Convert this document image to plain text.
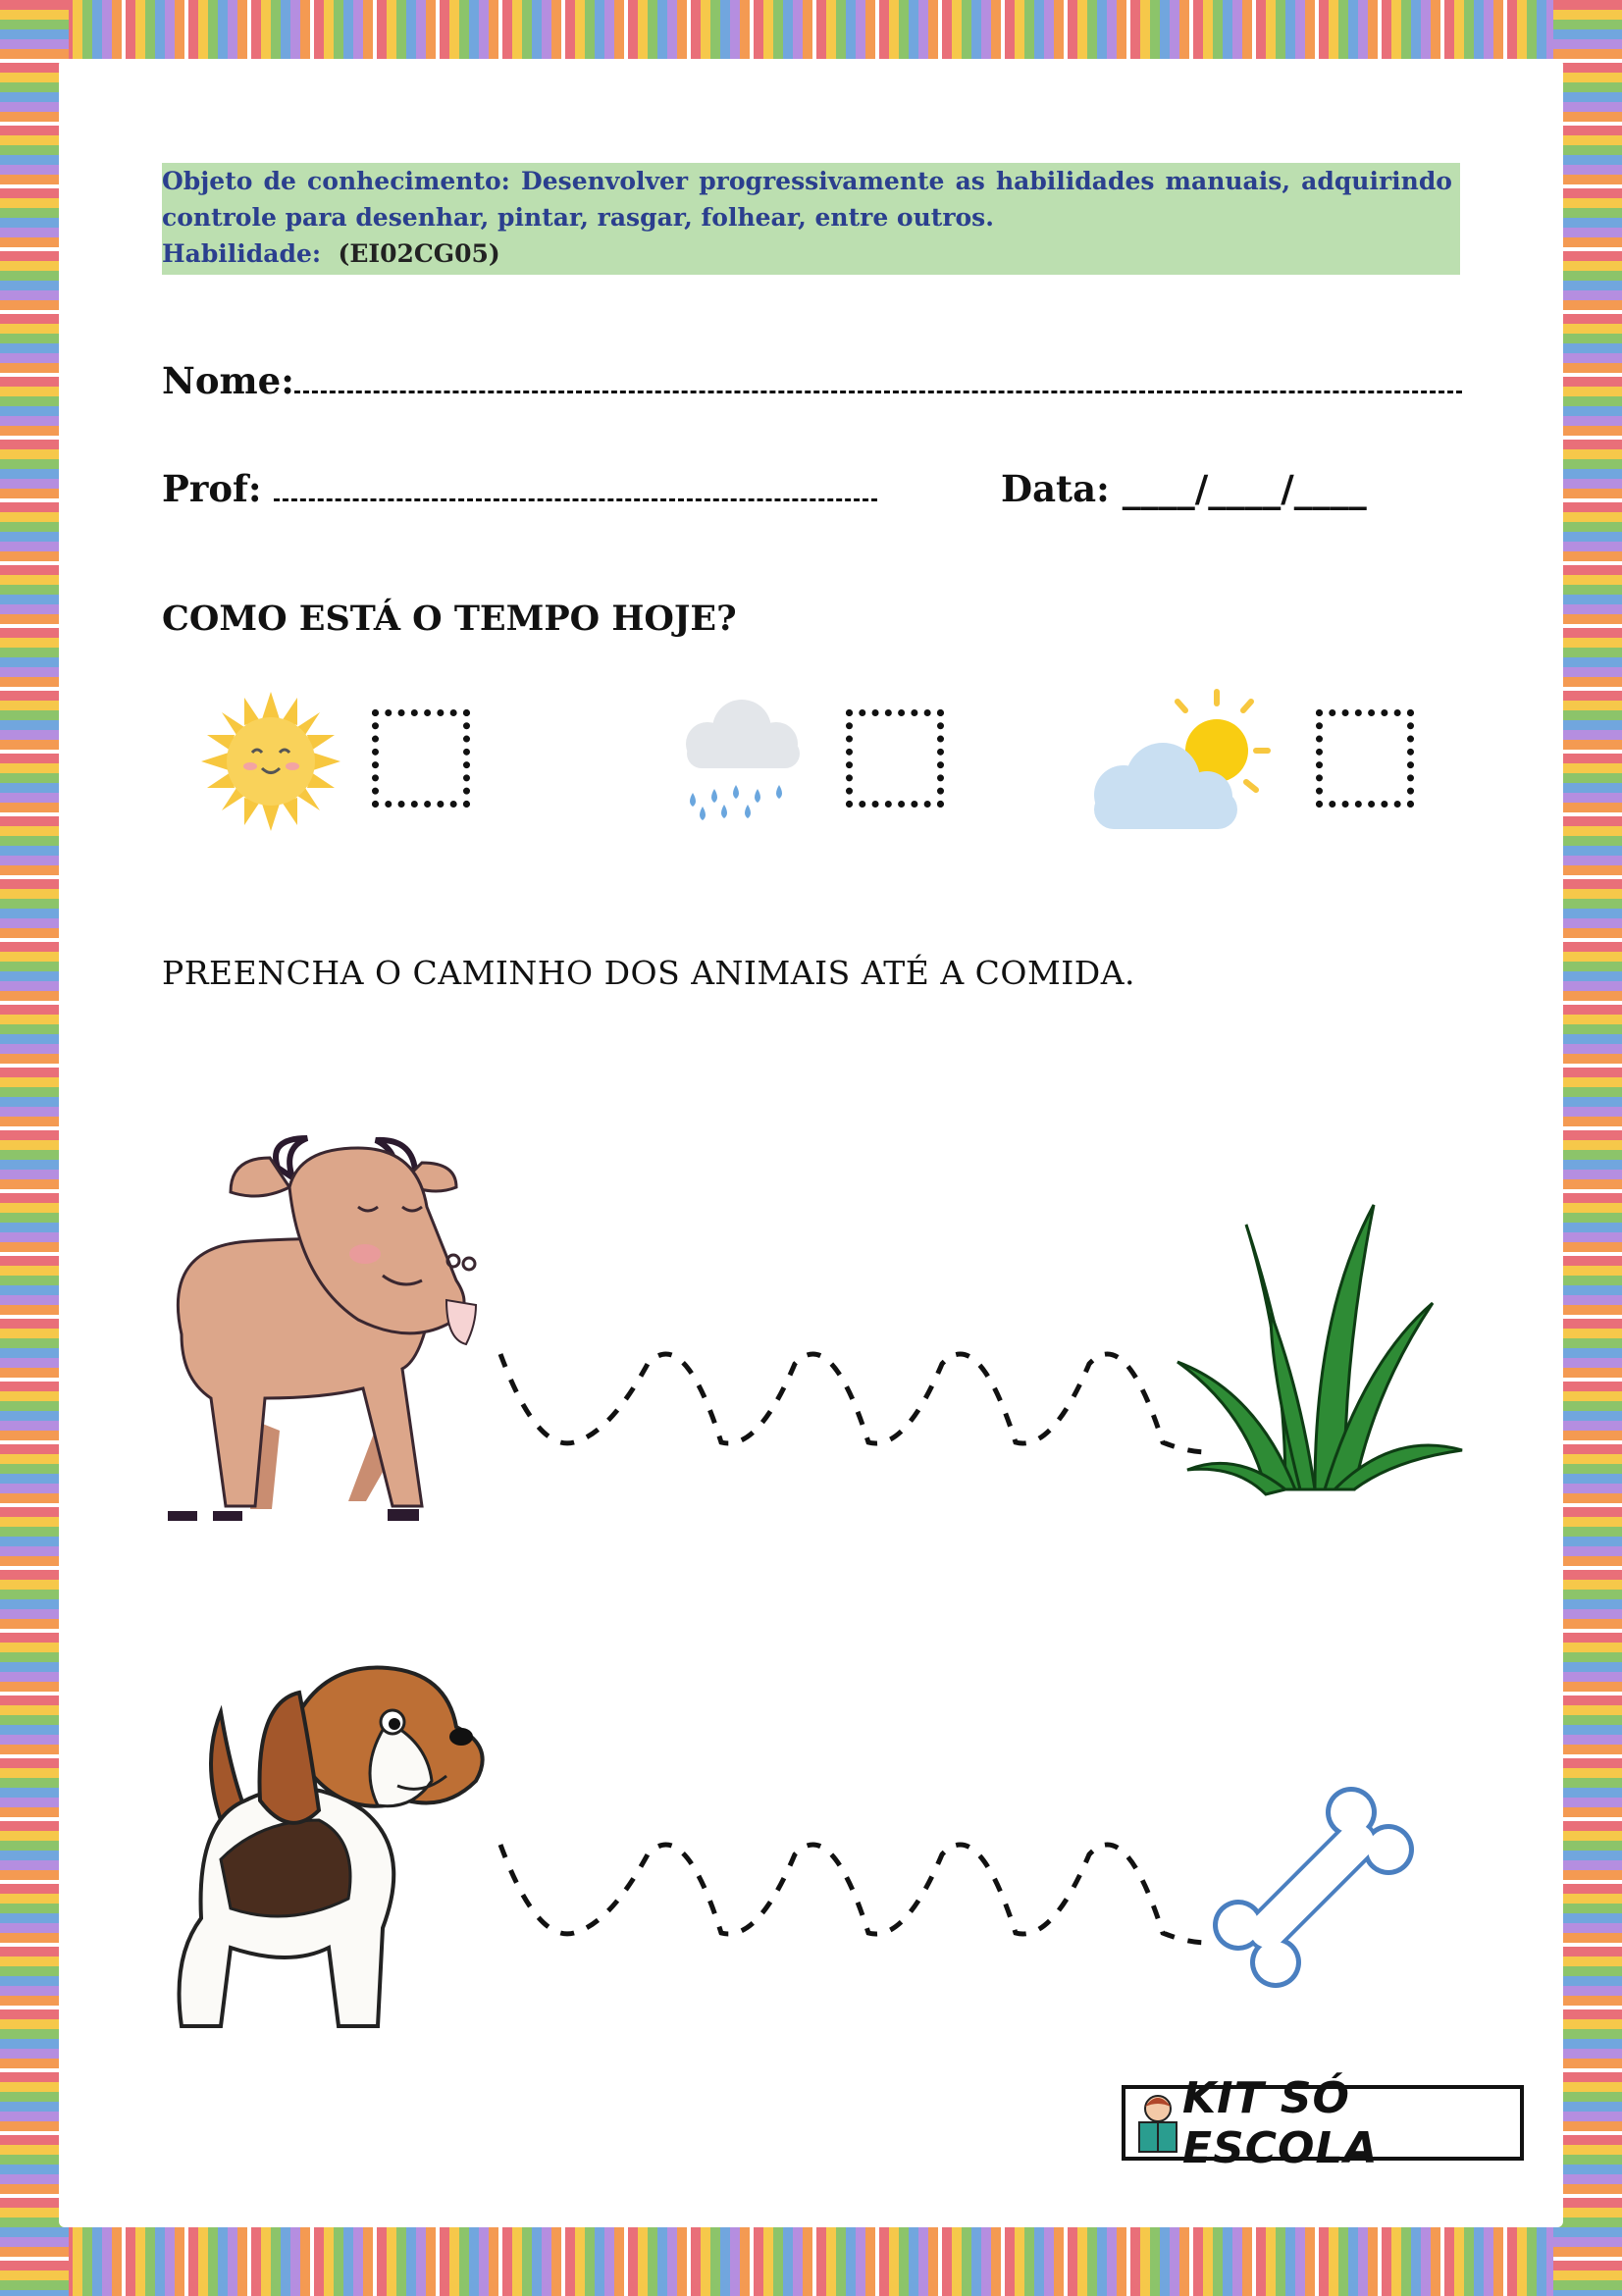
Objeto de conhecimento: Desenvolver progressivamente as habilidades manuais, adquirindo controle para desenhar, pintar, rasgar, folhear, entre outros.
Habilidade: (EI02CG05)
Nome:
Prof:	Data: ____/____/____
COMO ESTÁ O TEMPO HOJE?
PREENCHA O CAMINHO DOS ANIMAIS ATÉ A COMIDA.
KIT SÓ ESCOLA
